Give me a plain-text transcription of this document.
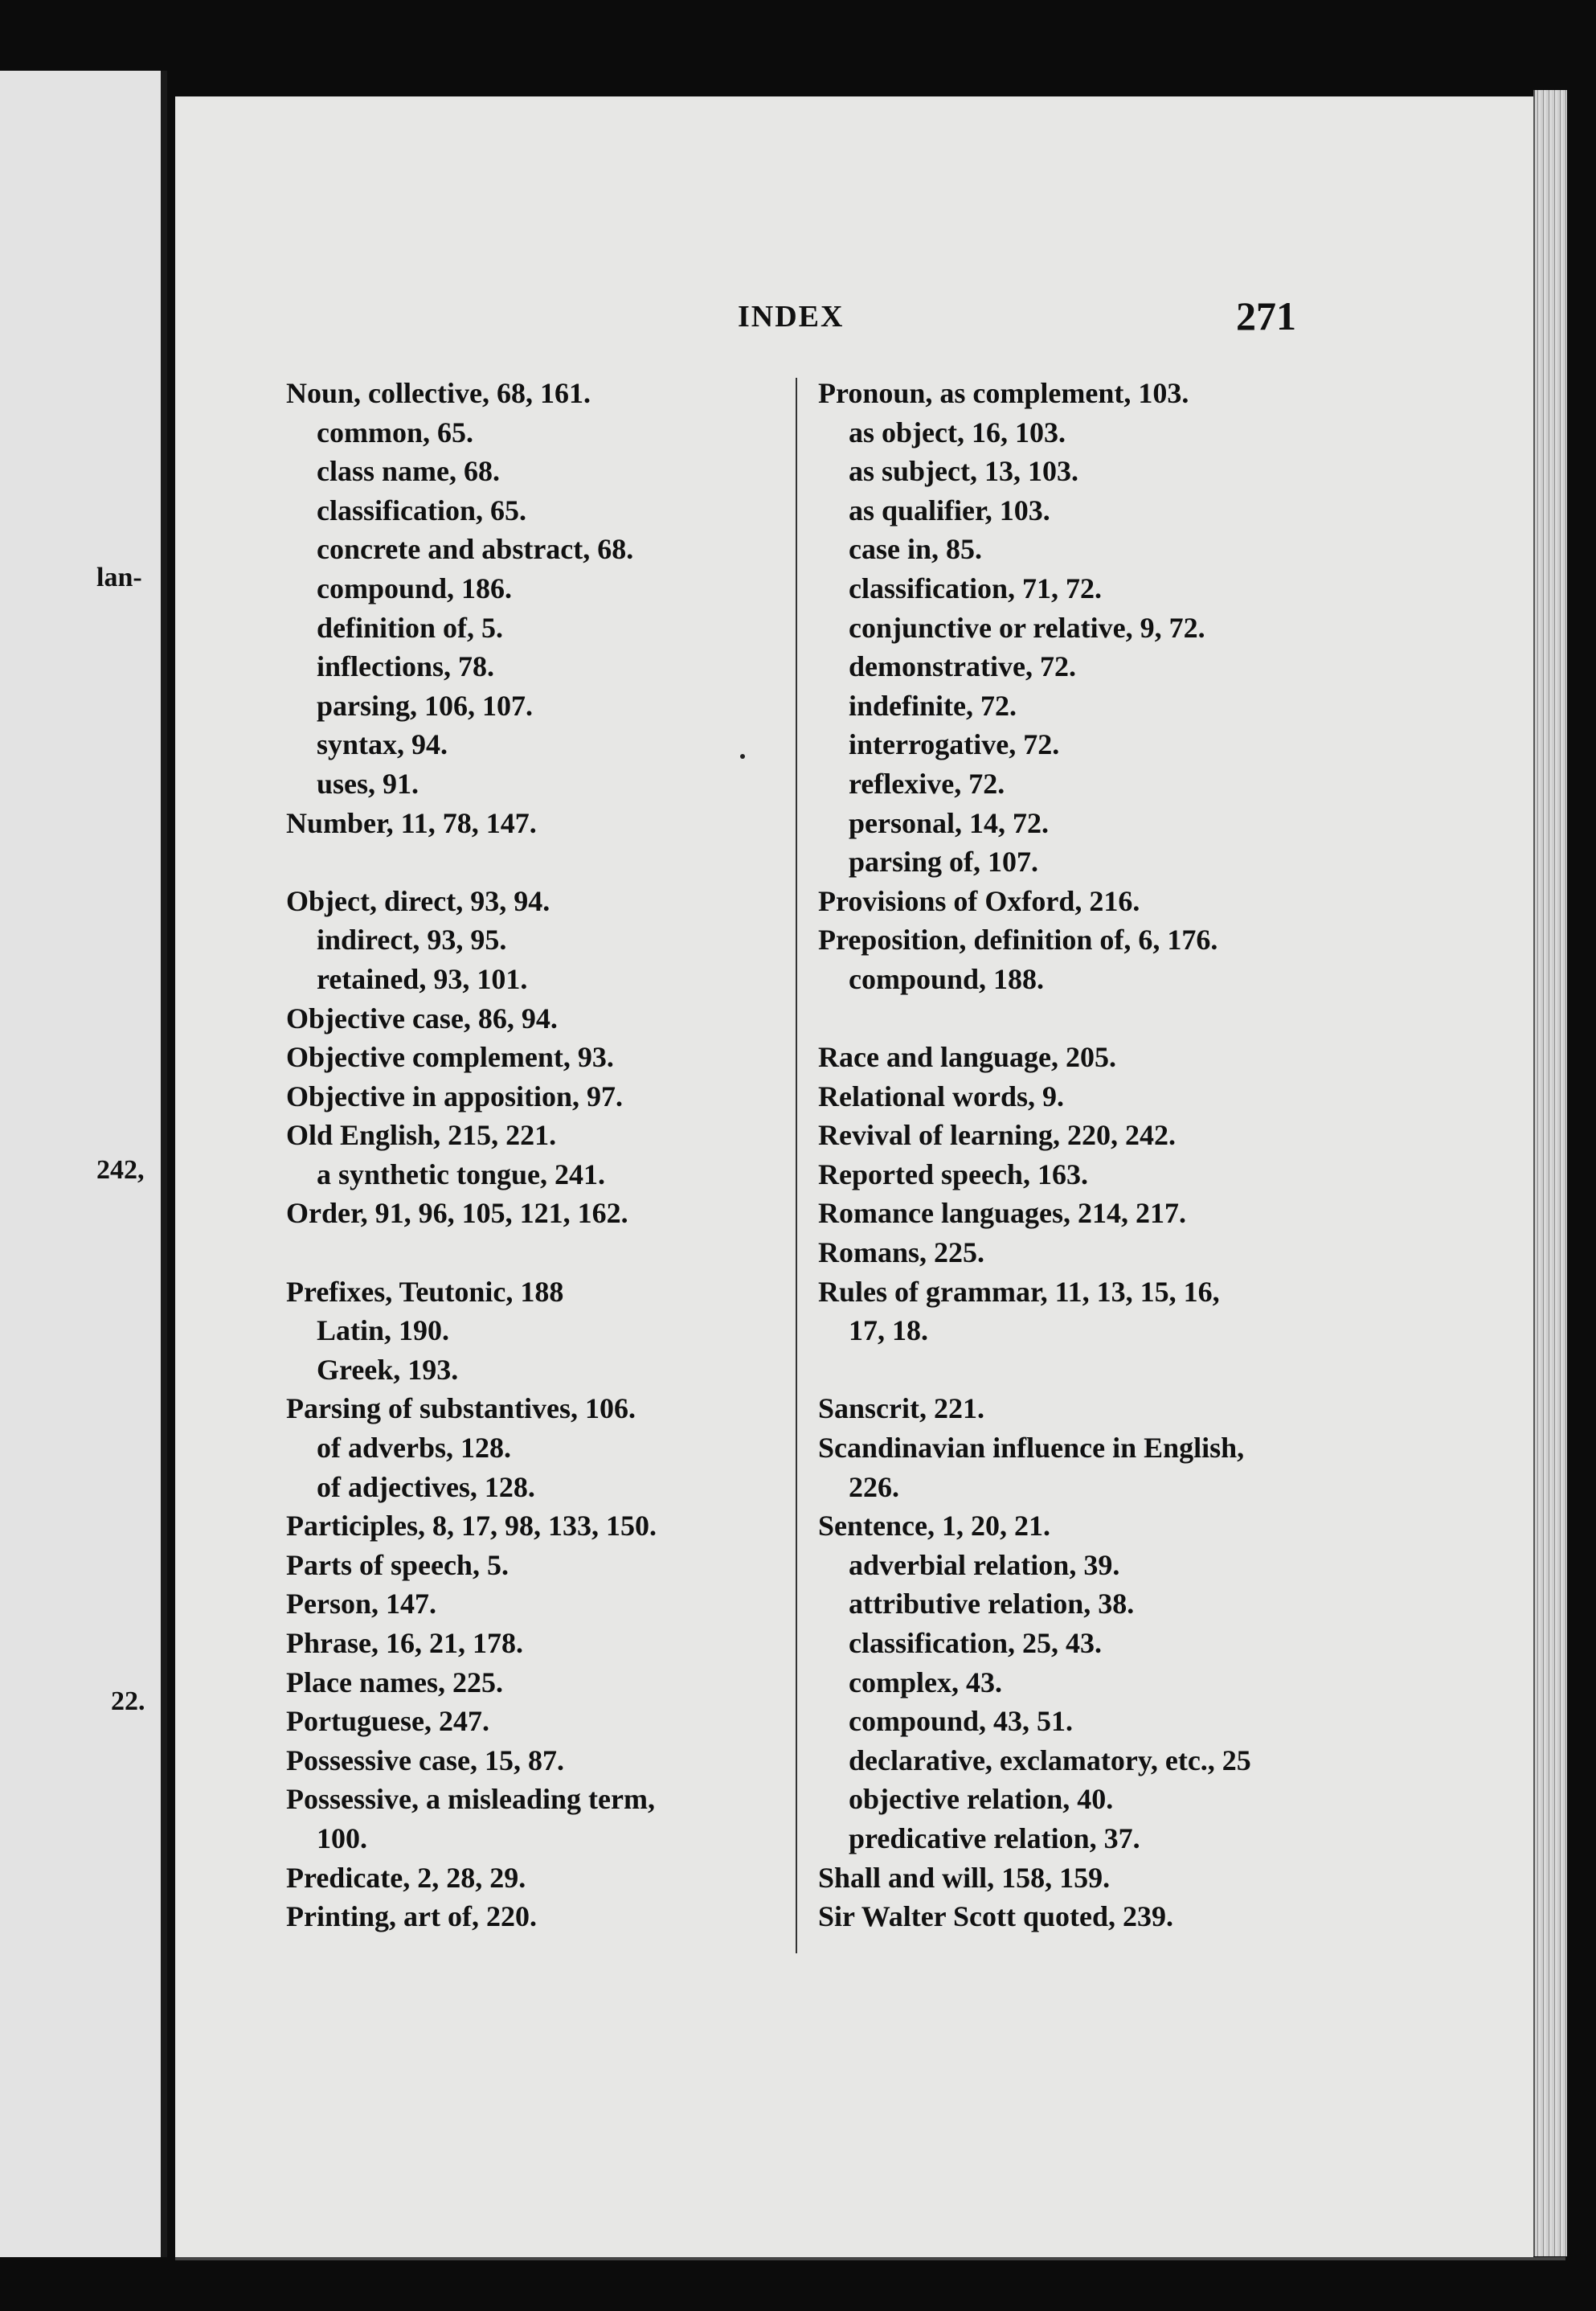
lan-
242,
22.
INDEX	271
Noun, collective, 68, 161.
common, 65.
class name, 68.
classification, 65.
concrete and abstract, 68.
compound, 186.
definition of, 5.
inflections, 78.
parsing, 106, 107.
syntax, 94.
uses, 91.
Number, 11, 78, 147.
Object, direct, 93, 94.
indirect, 93, 95.
retained, 93, 101.
Objective case, 86, 94.
Objective complement, 93.
Objective in apposition, 97.
Old English, 215, 221.
a synthetic tongue, 241.
Order, 91, 96, 105, 121, 162.
Prefixes, Teutonic, 188
Latin, 190.
Greek, 193.
Parsing of substantives, 106.
of adverbs, 128.
of adjectives, 128.
Participles, 8, 17, 98, 133, 150.
Parts of speech, 5.
Person, 147.
Phrase, 16, 21, 178.
Place names, 225.
Portuguese, 247.
Possessive case, 15, 87.
Possessive, a misleading term,
100.
Predicate, 2, 28, 29.
Printing, art of, 220.
Pronoun, as complement, 103.
as object, 16, 103.
as subject, 13, 103.
as qualifier, 103.
case in, 85.
classification, 71, 72.
conjunctive or relative, 9, 72.
demonstrative, 72.
indefinite, 72.
interrogative, 72.
reflexive, 72.
personal, 14, 72.
parsing of, 107.
Provisions of Oxford, 216.
Preposition, definition of, 6, 176.
compound, 188.
Race and language, 205.
Relational words, 9.
Revival of learning, 220, 242.
Reported speech, 163.
Romance languages, 214, 217.
Romans, 225.
Rules of grammar, 11, 13, 15, 16,
17, 18.
Sanscrit, 221.
Scandinavian influence in English,
226.
Sentence, 1, 20, 21.
adverbial relation, 39.
attributive relation, 38.
classification, 25, 43.
complex, 43.
compound, 43, 51.
declarative, exclamatory, etc., 25
objective relation, 40.
predicative relation, 37.
Shall and will, 158, 159.
Sir Walter Scott quoted, 239.
